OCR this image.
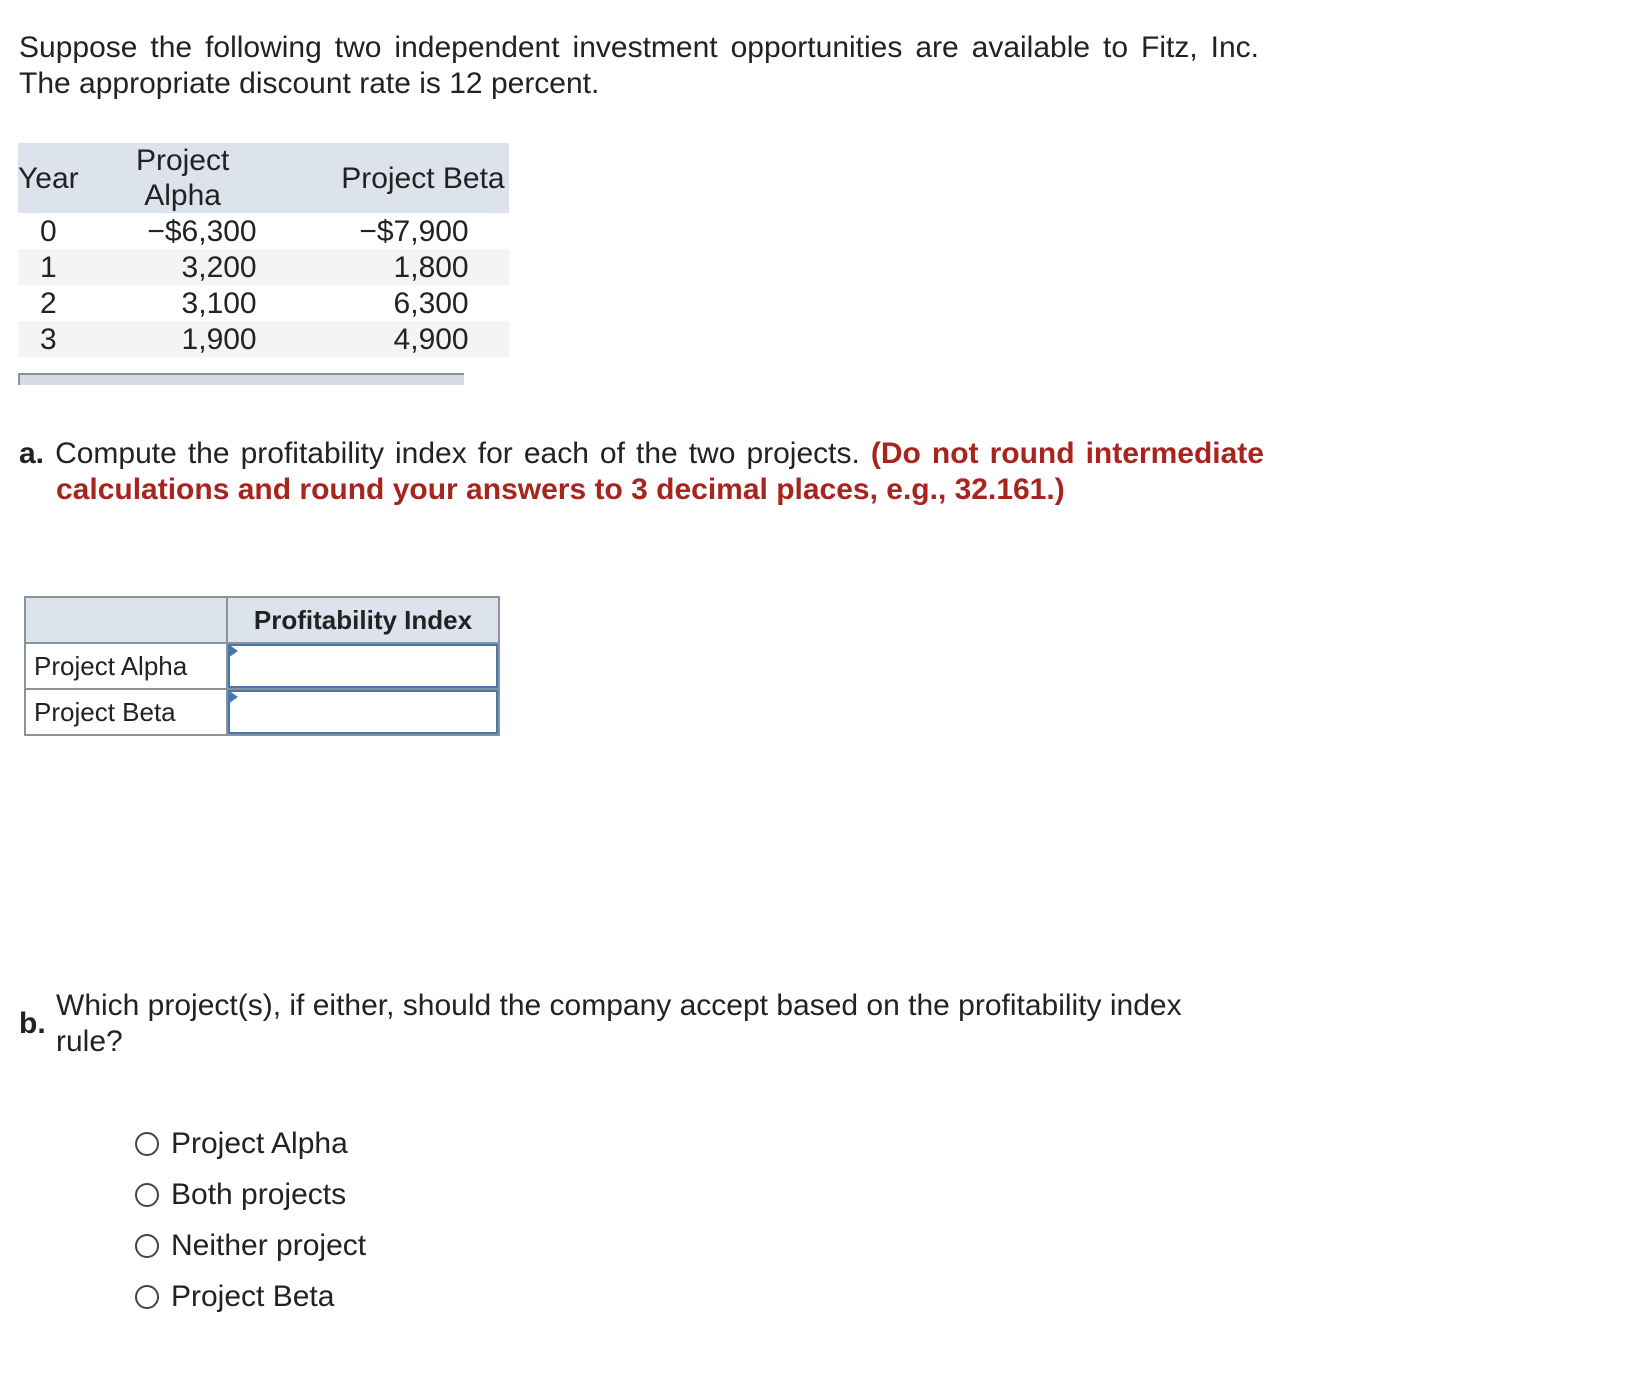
Suppose the following two independent investment opportunities are available to Fitz, Inc. The appropriate discount rate is 12 percent.

Year	Project Alpha	Project Beta
0	−$6,300	−$7,900
1	3,200	1,800
2	3,100	6,300
3	1,900	4,900

a. Compute the profitability index for each of the two projects. (Do not round intermediate calculations and round your answers to 3 decimal places, e.g., 32.161.)

	Profitability Index
Project Alpha	

Project Beta	
b.
Which project(s), if either, should the company accept based on the profitability index rule?
Project Alpha
Both projects
Neither project
Project Beta
